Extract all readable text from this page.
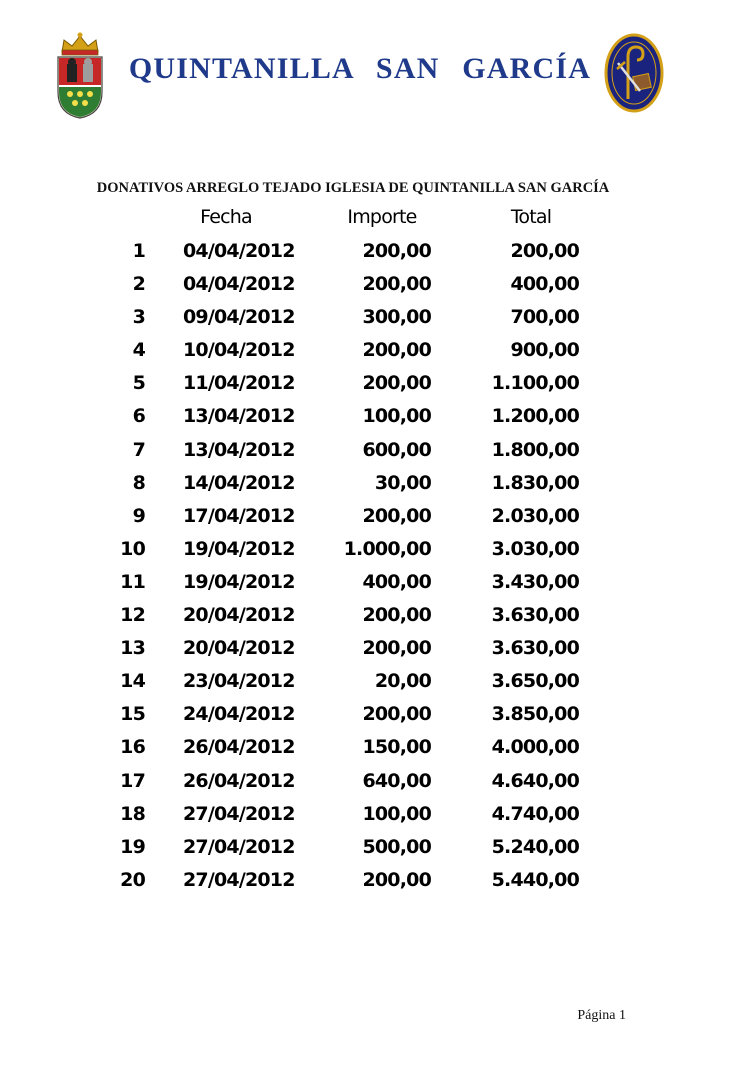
QUINTANILLA SAN GARCÍA
DONATIVOS ARREGLO TEJADO IGLESIA DE QUINTANILLA SAN GARCÍA
Fecha	Importe	Total
1 04/04/2012	200,00	200,00
2 04/04/2012	200,00	400,00
3 09/04/2012	300,00	700,00
4 10/04/2012	200,00	900,00
5 11/04/2012	200,00	1.100,00
6 13/04/2012	100,00	1.200,00
7 13/04/2012	600,00	1.800,00
8 14/04/2012	30,00	1.830,00
9 17/04/2012	200,00	2.030,00
10 19/04/2012	1.000,00	3.030,00
11 19/04/2012	400,00	3.430,00
12 20/04/2012	200,00	3.630,00
13 20/04/2012	200,00	3.630,00
14 23/04/2012	20,00	3.650,00
15 24/04/2012	200,00	3.850,00
16 26/04/2012	150,00	4.000,00
17 26/04/2012	640,00	4.640,00
18 27/04/2012	100,00	4.740,00
19 27/04/2012	500,00	5.240,00
20 27/04/2012	200,00	5.440,00
Página 1
